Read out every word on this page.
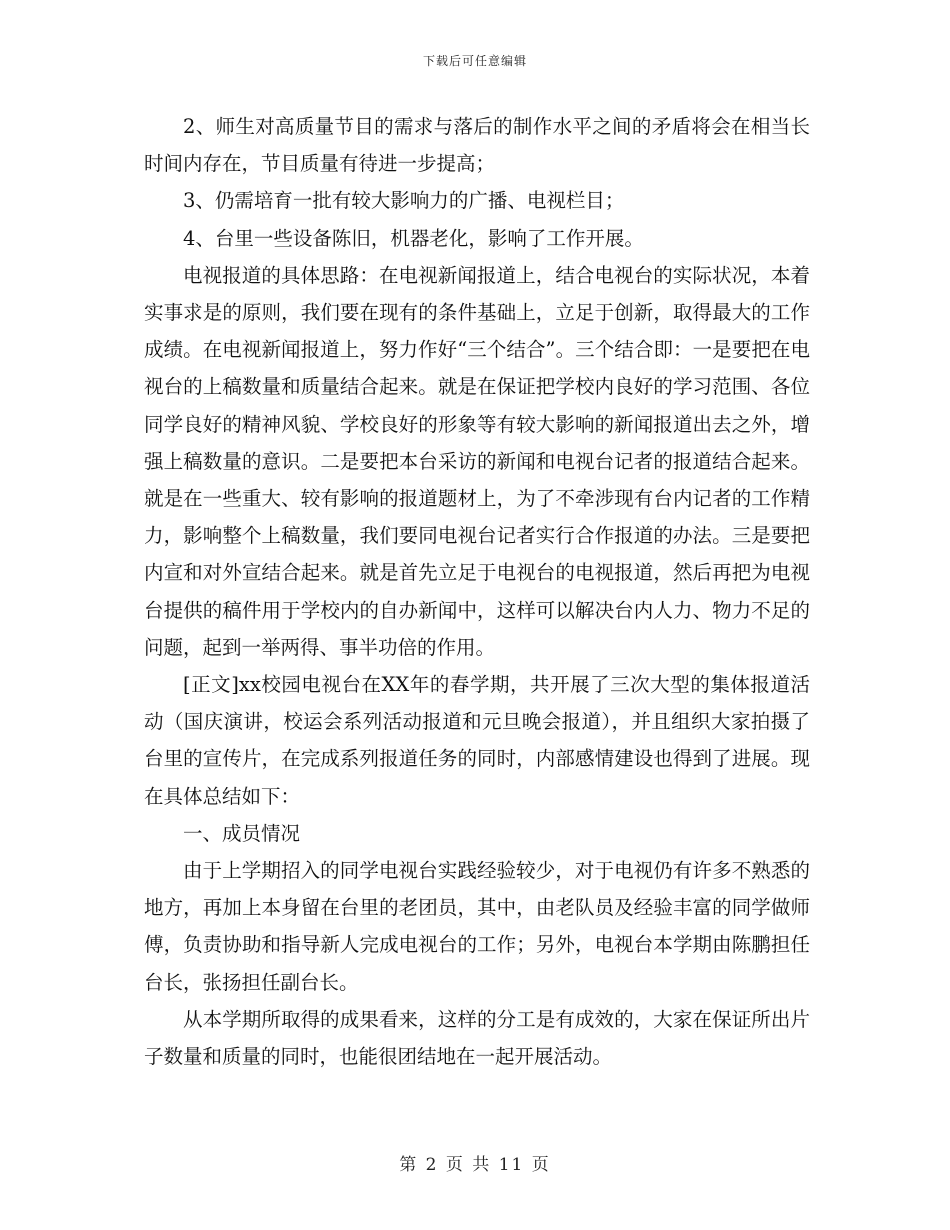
下载后可任意编辑

2、师生对高质量节目的需求与落后的制作水平之间的矛盾将会在相当长时间内存在，节目质量有待进一步提高；

3、仍需培育一批有较大影响力的广播、电视栏目；

4、台里一些设备陈旧，机器老化，影响了工作开展。

电视报道的具体思路：在电视新闻报道上，结合电视台的实际状况，本着实事求是的原则，我们要在现有的条件基础上，立足于创新，取得最大的工作成绩。在电视新闻报道上，努力作好“三个结合”。三个结合即：一是要把在电视台的上稿数量和质量结合起来。就是在保证把学校内良好的学习范围、各位同学良好的精神风貌、学校良好的形象等有较大影响的新闻报道出去之外，增强上稿数量的意识。二是要把本台采访的新闻和电视台记者的报道结合起来。就是在一些重大、较有影响的报道题材上，为了不牵涉现有台内记者的工作精力，影响整个上稿数量，我们要同电视台记者实行合作报道的办法。三是要把内宣和对外宣结合起来。就是首先立足于电视台的电视报道，然后再把为电视台提供的稿件用于学校内的自办新闻中，这样可以解决台内人力、物力不足的问题，起到一举两得、事半功倍的作用。

[正文]xx校园电视台在XX年的春学期，共开展了三次大型的集体报道活动（国庆演讲，校运会系列活动报道和元旦晚会报道），并且组织大家拍摄了台里的宣传片，在完成系列报道任务的同时，内部感情建设也得到了进展。现在具体总结如下：

一、成员情况

由于上学期招入的同学电视台实践经验较少，对于电视仍有许多不熟悉的地方，再加上本身留在台里的老团员，其中，由老队员及经验丰富的同学做师傅，负责协助和指导新人完成电视台的工作；另外，电视台本学期由陈鹏担任台长，张扬担任副台长。

从本学期所取得的成果看来，这样的分工是有成效的，大家在保证所出片子数量和质量的同时，也能很团结地在一起开展活动。

第 2 页 共 11 页
